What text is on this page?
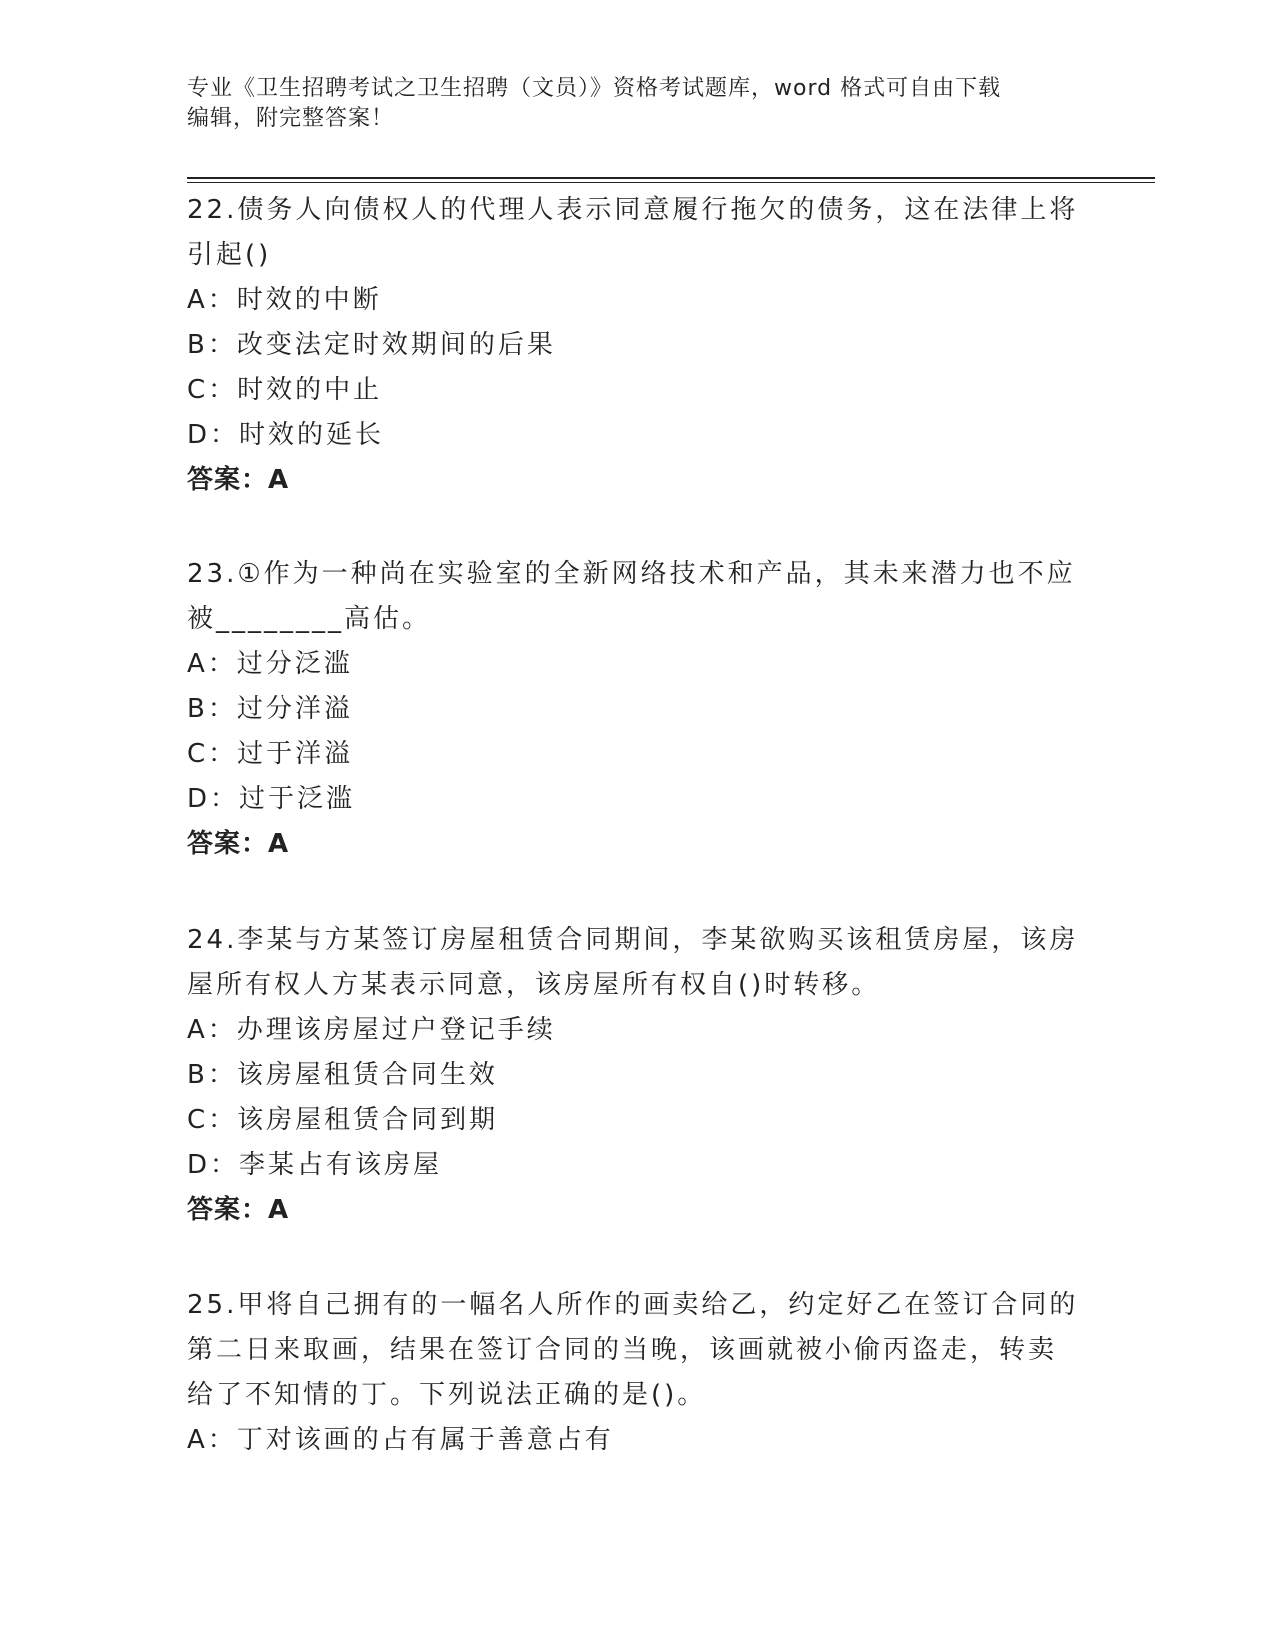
专业《卫生招聘考试之卫生招聘（文员）》资格考试题库，word 格式可自由下载
编辑，附完整答案！
22.债务人向债权人的代理人表示同意履行拖欠的债务，这在法律上将
引起()
A：时效的中断
B：改变法定时效期间的后果
C：时效的中止
D：时效的延长
答案：A
23.①作为一种尚在实验室的全新网络技术和产品，其未来潜力也不应
被________高估。
A：过分泛滥
B：过分洋溢
C：过于洋溢
D：过于泛滥
答案：A
24.李某与方某签订房屋租赁合同期间，李某欲购买该租赁房屋，该房
屋所有权人方某表示同意，该房屋所有权自()时转移。
A：办理该房屋过户登记手续
B：该房屋租赁合同生效
C：该房屋租赁合同到期
D：李某占有该房屋
答案：A
25.甲将自己拥有的一幅名人所作的画卖给乙，约定好乙在签订合同的
第二日来取画，结果在签订合同的当晚，该画就被小偷丙盗走，转卖
给了不知情的丁。下列说法正确的是()。
A：丁对该画的占有属于善意占有
